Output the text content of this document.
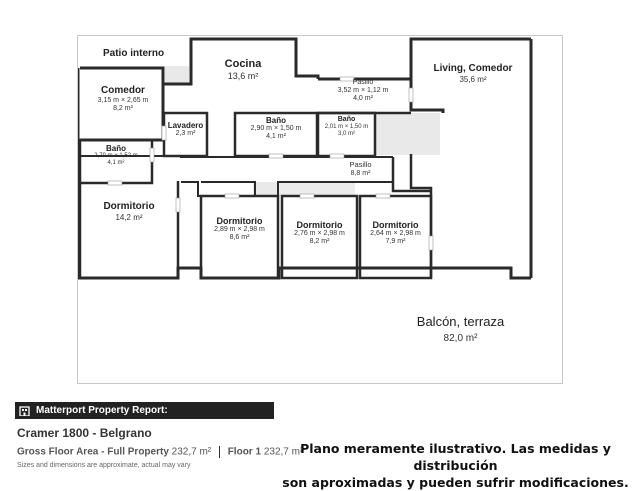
Patio interno
Cocina
13,6 m²
Living, Comedor
35,6 m²
Comedor
3,15 m × 2,65 m
8,2 m²
Pasillo
3,52 m × 1,12 m
4,0 m²
Lavadero
2,3 m²
Baño
2,90 m × 1,50 m
4,1 m²
Baño
2,01 m × 1,50 m
3,0 m²
Baño
2,70 m × 1,52 m
4,1 m²	Pasillo
8,8 m²
Dormitorio
14,2 m²	Dormitorio
2,89 m × 2,98 m
8,6 m²
Dormitorio
2,76 m × 2,98 m
8,2 m²
Dormitorio
2,64 m × 2,98 m
7,9 m²
Balcón, terraza
82,0 m²
Matterport Property Report:
Cramer 1800 - Belgrano
Gross Floor Area - Full Property 232,7 m² Floor 1 232,7 m²
Sizes and dimensions are approximate, actual may vary
Plano meramente ilustrativo. Las medidas y distribución
son aproximadas y pueden sufrir modificaciones.
